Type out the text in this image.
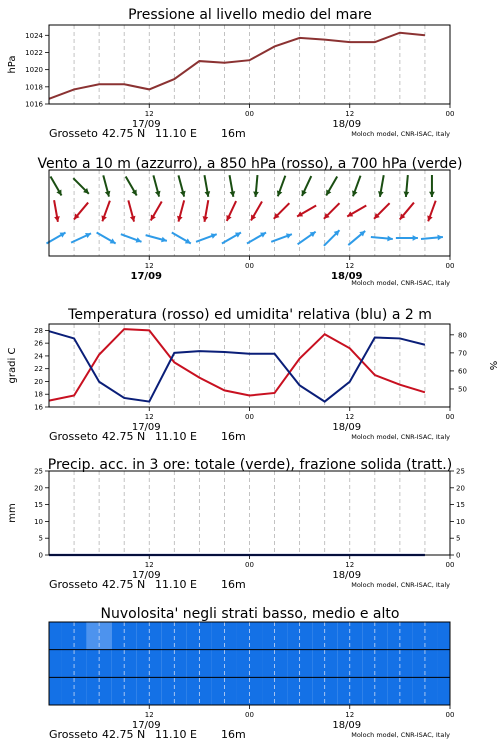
1016
1018
1020
1022
1024
Pressione al livello medio del mare
hPa
12	00	12	00
17/09	18/09
Grosseto 42.75 N 11.10 E 16m	Moloch model, CNR-ISAC, Italy
Vento a 10 m (azzurro), a 850 hPa (rosso), a 700 hPa (verde)
12	00	12	00
17/09	18/09
Moloch model, CNR-ISAC, Italy
16
18
20
22
24
26
28
50
60
70
80
Temperatura (rosso) ed umidita' relativa (blu) a 2 m
gradi C	%
12	00	12	00
17/09	18/09
Grosseto 42.75 N 11.10 E 16m	Moloch model, CNR-ISAC, Italy
0	0
5	5
10	10
15	15
20	20
25	25
Precip. acc. in 3 ore: totale (verde), frazione solida (tratt.)
mm
12	00	12	00
17/09	18/09
Grosseto 42.75 N 11.10 E 16m	Moloch model, CNR-ISAC, Italy
Nuvolosita' negli strati basso, medio e alto
12	00	12	00
17/09	18/09
Grosseto 42.75 N 11.10 E 16m	Moloch model, CNR-ISAC, Italy
